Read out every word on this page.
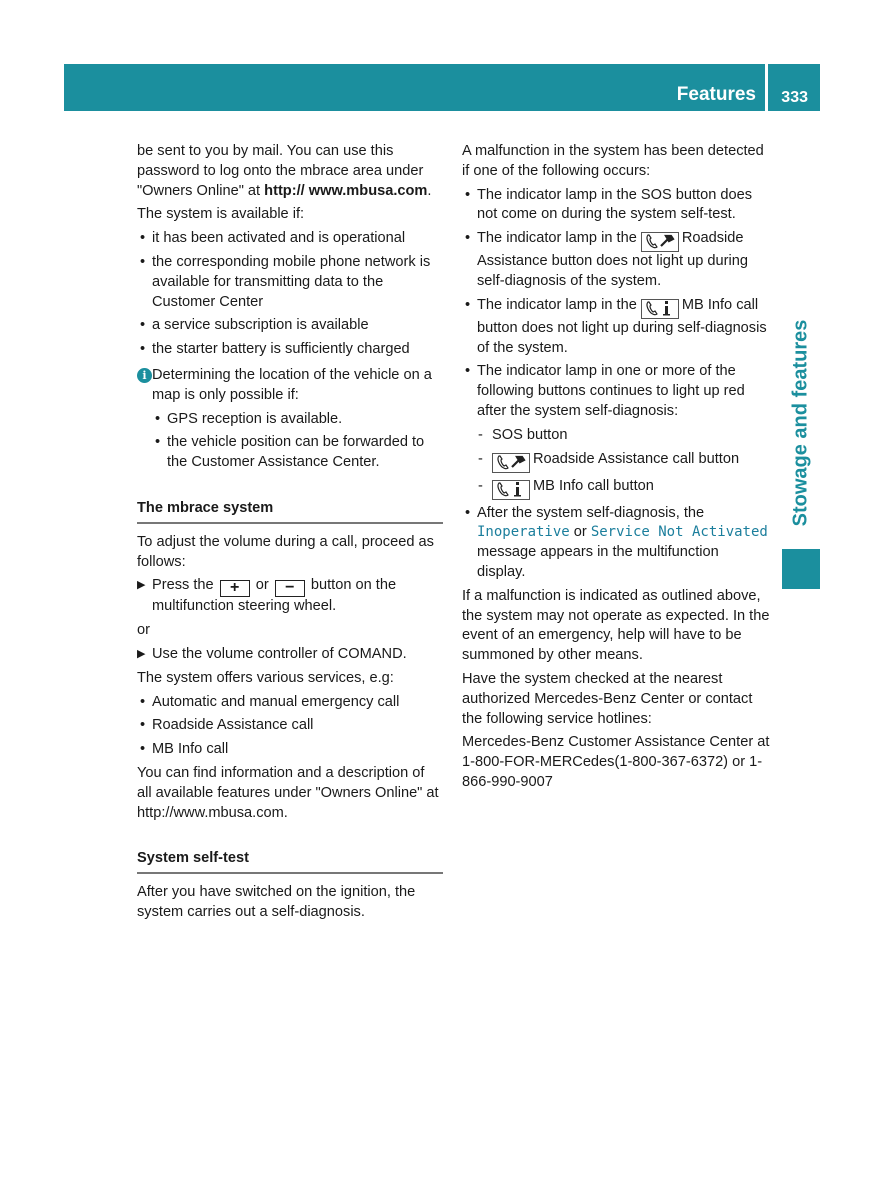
Features 333
Stowage and features

be sent to you by mail. You can use this password to log onto the mbrace area under "Owners Online" at http:// www.mbusa.com.

The system is available if:

• it has been activated and is operational
• the corresponding mobile phone network is available for transmitting data to the Customer Center
• a service subscription is available
• the starter battery is sufficiently charged
i Determining the location of the vehicle on a map is only possible if:
• GPS reception is available.
• the vehicle position can be forwarded to the Customer Assistance Center.
The mbrace system

To adjust the volume during a call, proceed as follows:

▶ Press the + or − button on the multifunction steering wheel.

or

▶ Use the volume controller of COMAND.

The system offers various services, e.g:

• Automatic and manual emergency call
• Roadside Assistance call
• MB Info call

You can find information and a description of all available features under "Owners Online" at http://www.mbusa.com.

System self-test

After you have switched on the ignition, the system carries out a self-diagnosis.

A malfunction in the system has been detected if one of the following occurs:

• The indicator lamp in the SOS button does not come on during the system self-test.
• The indicator lamp in the	Roadside Assistance button does not light up during self-diagnosis of the system.
• The indicator lamp in the	MB Info call button does not light up during self-diagnosis of the system.
• The indicator lamp in one or more of the following buttons continues to light up red after the system self-diagnosis:
- SOS button
-	Roadside Assistance call button
-	MB Info call button
• After the system self-diagnosis, the Inoperative or Service Not Activated message appears in the multifunction display.

If a malfunction is indicated as outlined above, the system may not operate as expected. In the event of an emergency, help will have to be summoned by other means.

Have the system checked at the nearest authorized Mercedes-Benz Center or contact the following service hotlines:

Mercedes-Benz Customer Assistance Center at 1-800-FOR-MERCedes(1-800-367-6372) or 1-866-990-9007
